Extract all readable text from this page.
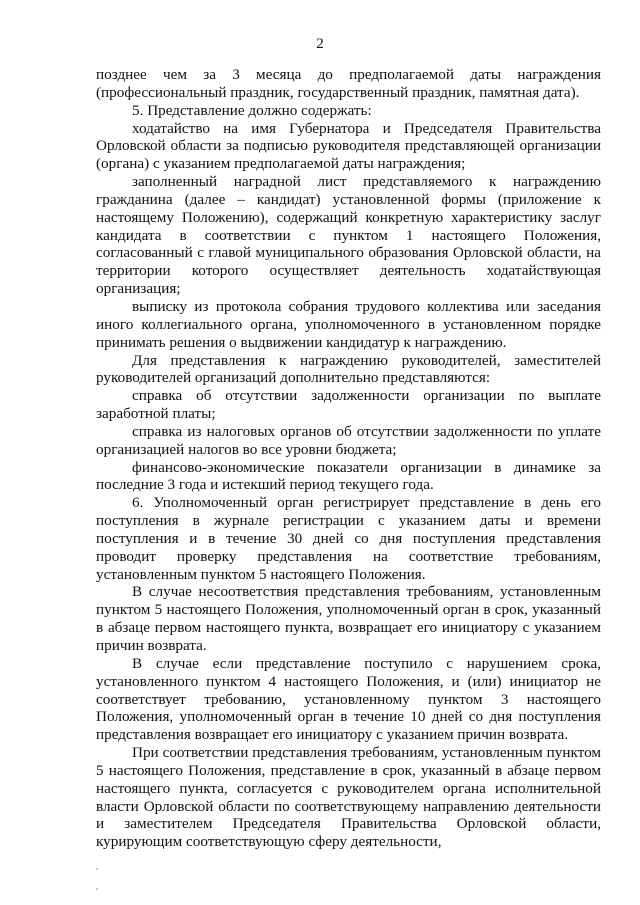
2

позднее чем за 3 месяца до предполагаемой даты награждения (профессиональный праздник, государственный праздник, памятная дата).

5. Представление должно содержать:

ходатайство на имя Губернатора и Председателя Правительства Орловской области за подписью руководителя представляющей организации (органа) с указанием предполагаемой даты награждения;

заполненный наградной лист представляемого к награждению гражданина (далее – кандидат) установленной формы (приложение к настоящему Положению), содержащий конкретную характеристику заслуг кандидата в соответствии с пунктом 1 настоящего Положения, согласованный с главой муниципального образования Орловской области, на территории которого осуществляет деятельность ходатайствующая организация;

выписку из протокола собрания трудового коллектива или заседания иного коллегиального органа, уполномоченного в установленном порядке принимать решения о выдвижении кандидатур к награждению.

Для представления к награждению руководителей, заместителей руководителей организаций дополнительно представляются:

справка об отсутствии задолженности организации по выплате заработной платы;

справка из налоговых органов об отсутствии задолженности по уплате организацией налогов во все уровни бюджета;

финансово-экономические показатели организации в динамике за последние 3 года и истекший период текущего года.

6. Уполномоченный орган регистрирует представление в день его поступления в журнале регистрации с указанием даты и времени поступления и в течение 30 дней со дня поступления представления проводит проверку представления на соответствие требованиям, установленным пунктом 5 настоящего Положения.

В случае несоответствия представления требованиям, установленным пунктом 5 настоящего Положения, уполномоченный орган в срок, указанный в абзаце первом настоящего пункта, возвращает его инициатору с указанием причин возврата.

В случае если представление поступило с нарушением срока, установленного пунктом 4 настоящего Положения, и (или) инициатор не соответствует требованию, установленному пунктом 3 настоящего Положения, уполномоченный орган в течение 10 дней со дня поступления представления возвращает его инициатору с указанием причин возврата.

При соответствии представления требованиям, установленным пунктом 5 настоящего Положения, представление в срок, указанный в абзаце первом настоящего пункта, согласуется с руководителем органа исполнительной власти Орловской области по соответствующему направлению деятельности и заместителем Председателя Правительства Орловской области, курирующим соответствующую сферу деятельности,
